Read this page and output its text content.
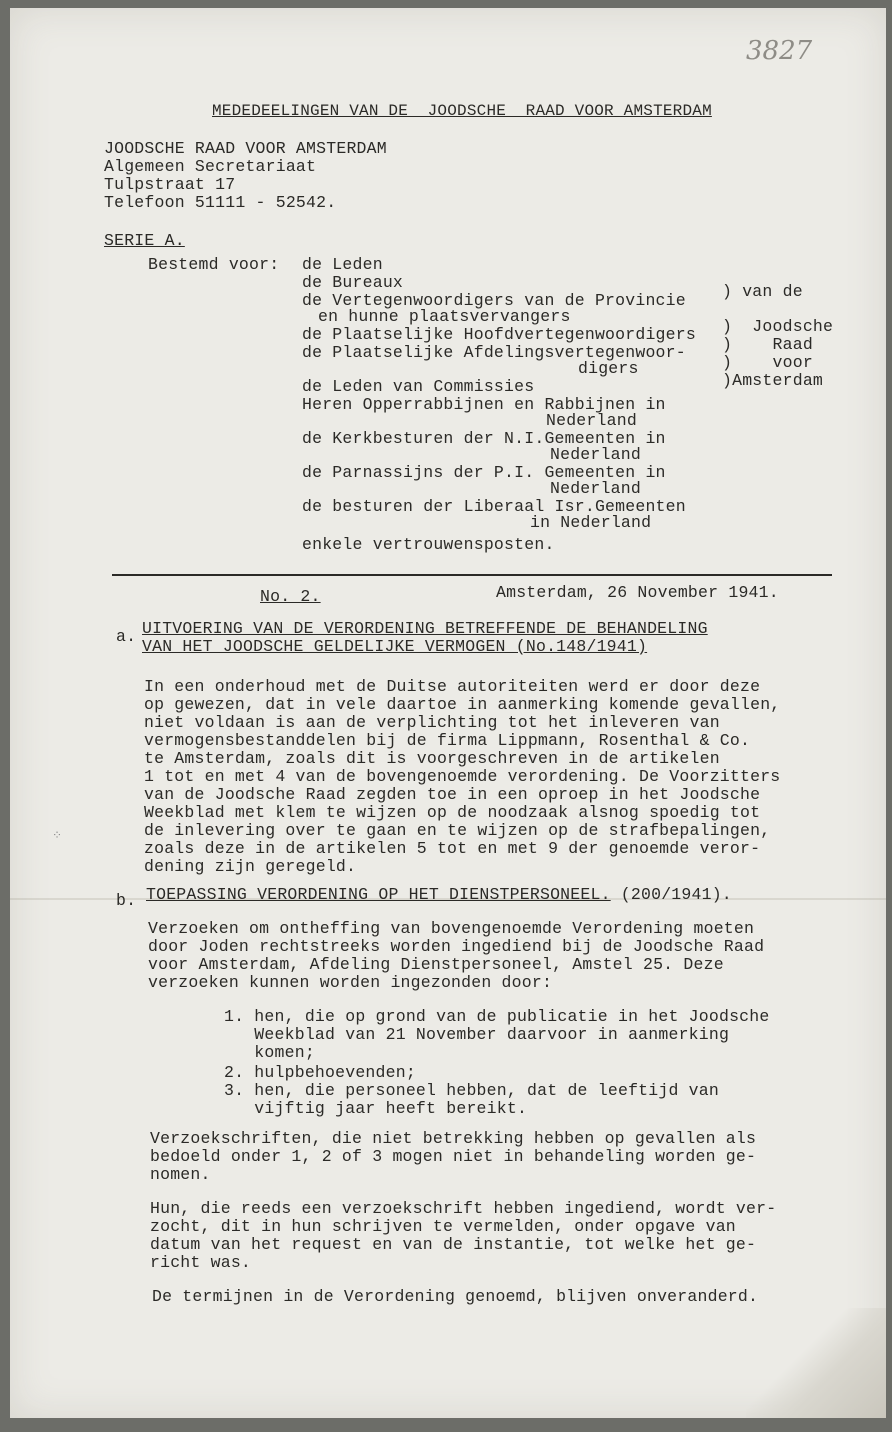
3827
MEDEDEELINGEN VAN DE  JOODSCHE  RAAD VOOR AMSTERDAM
JOODSCHE RAAD VOOR AMSTERDAM
Algemeen Secretariaat
Tulpstraat 17
Telefoon 51111 - 52542.
SERIE A.
Bestemd voor: de Leden
de Bureaux
de Vertegenwoordigers van de Provincie
en hunne plaatsvervangers
de Plaatselijke Hoofdvertegenwoordigers
de Plaatselijke Afdelingsvertegenwoor-
digers
de Leden van Commissies
Heren Opperrabbijnen en Rabbijnen in
Nederland
de Kerkbesturen der N.I.Gemeenten in
Nederland
de Parnassijns der P.I. Gemeenten in
Nederland
de besturen der Liberaal Isr.Gemeenten
in Nederland
enkele vertrouwensposten.
) van de
)  Joodsche
)    Raad
)    voor
)Amsterdam
No. 2.	Amsterdam, 26 November 1941.
a. UITVOERING VAN DE VERORDENING BETREFFENDE DE BEHANDELING
VAN HET JOODSCHE GELDELIJKE VERMOGEN (No.148/1941)
In een onderhoud met de Duitse autoriteiten werd er door deze
op gewezen, dat in vele daartoe in aanmerking komende gevallen,
niet voldaan is aan de verplichting tot het inleveren van
vermogensbestanddelen bij de firma Lippmann, Rosenthal & Co.
te Amsterdam, zoals dit is voorgeschreven in de artikelen
1 tot en met 4 van de bovengenoemde verordening. De Voorzitters
van de Joodsche Raad zegden toe in een oproep in het Joodsche
Weekblad met klem te wijzen op de noodzaak alsnog spoedig tot
de inlevering over te gaan en te wijzen op de strafbepalingen,
zoals deze in de artikelen 5 tot en met 9 der genoemde veror-
dening zijn geregeld.
⁘
b. TOEPASSING VERORDENING OP HET DIENSTPERSONEEL. (200/1941).
Verzoeken om ontheffing van bovengenoemde Verordening moeten
door Joden rechtstreeks worden ingediend bij de Joodsche Raad
voor Amsterdam, Afdeling Dienstpersoneel, Amstel 25. Deze
verzoeken kunnen worden ingezonden door:
1. hen, die op grond van de publicatie in het Joodsche
Weekblad van 21 November daarvoor in aanmerking
komen;
2. hulpbehoevenden;
3. hen, die personeel hebben, dat de leeftijd van
vijftig jaar heeft bereikt.
Verzoekschriften, die niet betrekking hebben op gevallen als
bedoeld onder 1, 2 of 3 mogen niet in behandeling worden ge-
nomen.
Hun, die reeds een verzoekschrift hebben ingediend, wordt ver-
zocht, dit in hun schrijven te vermelden, onder opgave van
datum van het request en van de instantie, tot welke het ge-
richt was.
De termijnen in de Verordening genoemd, blijven onveranderd.
